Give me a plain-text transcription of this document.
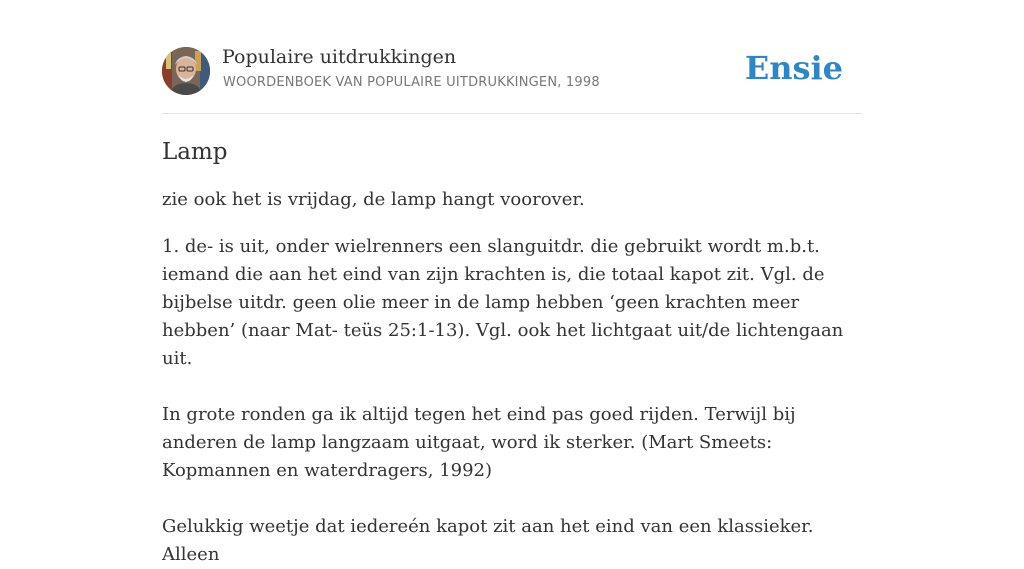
Populaire uitdrukkingen
WOORDENBOEK VAN POPULAIRE UITDRUKKINGEN, 1998	Ensie
Lamp

zie ook het is vrijdag, de lamp hangt voorover.

1. de- is uit, onder wielrenners een slanguitdr. die gebruikt wordt m.b.t. iemand die aan het eind van zijn krachten is, die totaal kapot zit. Vgl. de bijbelse uitdr. geen olie meer in de lamp hebben ‘geen krachten meer hebben’ (naar Mat- teüs 25:1-13). Vgl. ook het lichtgaat uit/de lichtengaan uit.

In grote ronden ga ik altijd tegen het eind pas goed rijden. Terwijl bij anderen de lamp langzaam uitgaat, word ik sterker. (Mart Smeets: Kopmannen en waterdragers, 1992)

Gelukkig weetje dat iedereén kapot zit aan het eind van een klassieker. Alleen
